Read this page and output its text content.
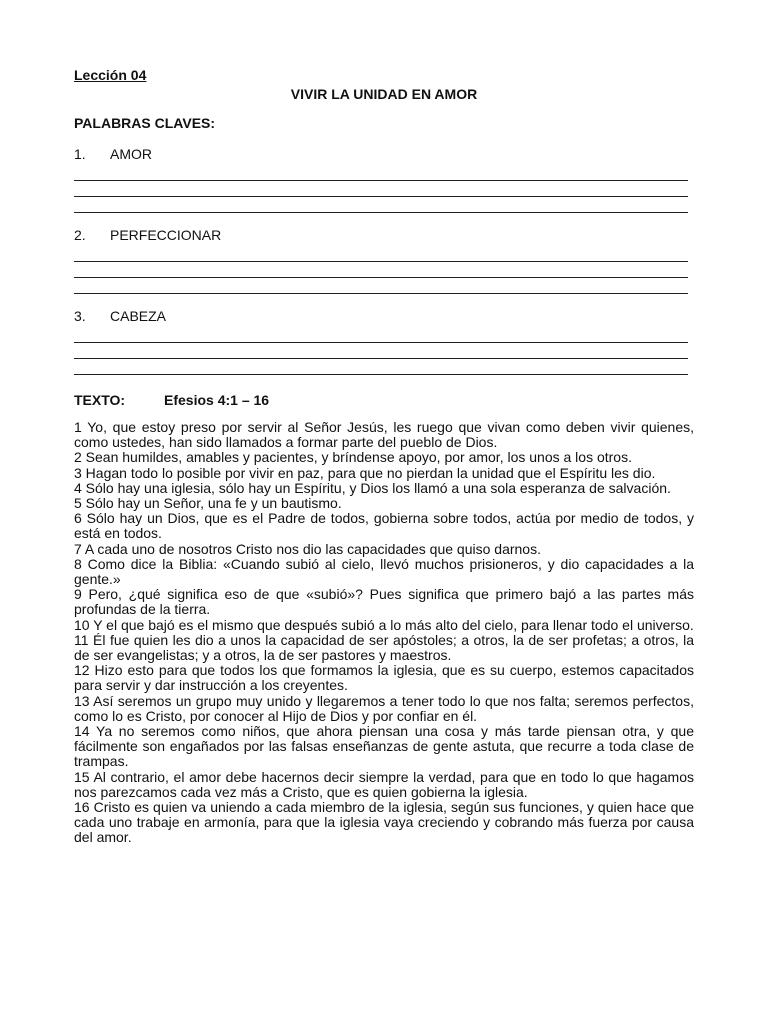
Lección 04
VIVIR LA UNIDAD EN AMOR
PALABRAS CLAVES:
1.	AMOR
2.	PERFECCIONAR
3.	CABEZA
TEXTO:	Efesios 4:1 – 16

1 Yo, que estoy preso por servir al Señor Jesús, les ruego que vivan como deben vivir quienes, como ustedes, han sido llamados a formar parte del pueblo de Dios.

2 Sean humildes, amables y pacientes, y bríndense apoyo, por amor, los unos a los otros.

3 Hagan todo lo posible por vivir en paz, para que no pierdan la unidad que el Espíritu les dio.

4 Sólo hay una iglesia, sólo hay un Espíritu, y Dios los llamó a una sola esperanza de salvación.

5 Sólo hay un Señor, una fe y un bautismo.

6 Sólo hay un Dios, que es el Padre de todos, gobierna sobre todos, actúa por medio de todos, y está en todos.

7 A cada uno de nosotros Cristo nos dio las capacidades que quiso darnos.

8 Como dice la Biblia: «Cuando subió al cielo, llevó muchos prisioneros, y dio capacidades a la gente.»

9 Pero, ¿qué significa eso de que «subió»? Pues significa que primero bajó a las partes más profundas de la tierra.

10 Y el que bajó es el mismo que después subió a lo más alto del cielo, para llenar todo el universo.

11 Él fue quien les dio a unos la capacidad de ser apóstoles; a otros, la de ser profetas; a otros, la de ser evangelistas; y a otros, la de ser pastores y maestros.

12 Hizo esto para que todos los que formamos la iglesia, que es su cuerpo, estemos capacitados para servir y dar instrucción a los creyentes.

13 Así seremos un grupo muy unido y llegaremos a tener todo lo que nos falta; seremos perfectos, como lo es Cristo, por conocer al Hijo de Dios y por confiar en él.

14 Ya no seremos como niños, que ahora piensan una cosa y más tarde piensan otra, y que fácilmente son engañados por las falsas enseñanzas de gente astuta, que recurre a toda clase de trampas.

15 Al contrario, el amor debe hacernos decir siempre la verdad, para que en todo lo que hagamos nos parezcamos cada vez más a Cristo, que es quien gobierna la iglesia.

16 Cristo es quien va uniendo a cada miembro de la iglesia, según sus funciones, y quien hace que cada uno trabaje en armonía, para que la iglesia vaya creciendo y cobrando más fuerza por causa del amor.
